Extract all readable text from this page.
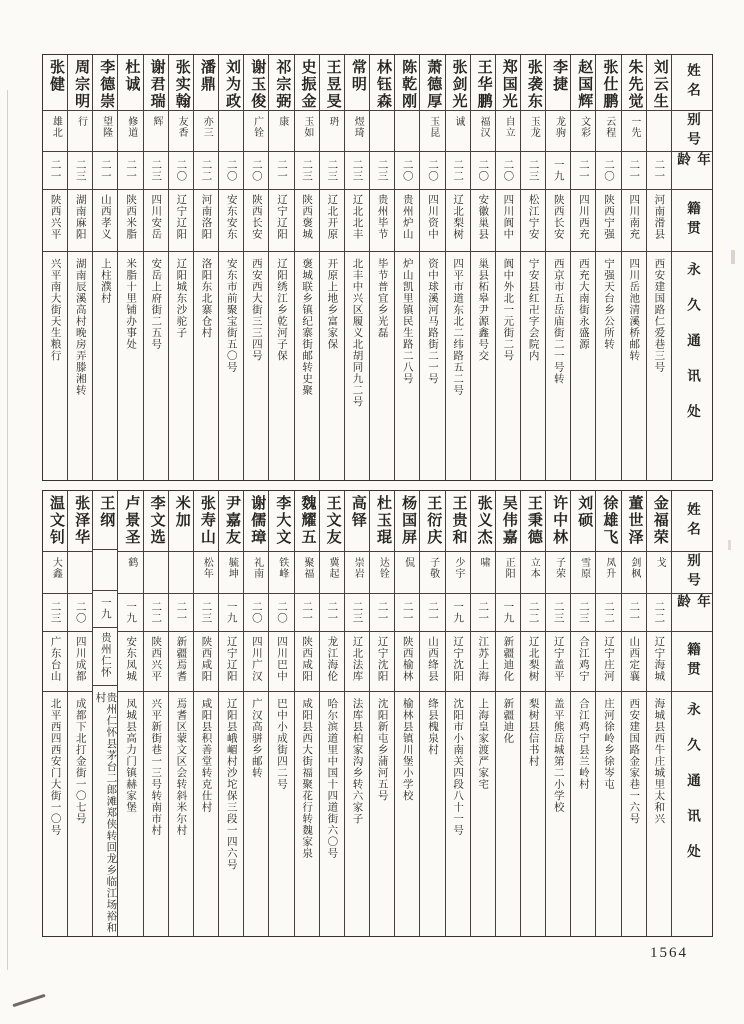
张健
雄北
二一
陕西兴平
兴平南大街天生粮行
周宗明
行
二三
湖南麻阳
湖南辰溪高村晚房弄滕湘转
李德崇
望隆
二一
山西孝义
上柱濮村
杜诚
修道
二一
陕西米脂
米脂十里铺办事处
谢君瑞
辉
二三
四川安岳
安岳上府街二五号
张实翰
友香
二〇
辽宁辽阳
辽阳城东沙驼子
潘鼎
亦三
二二
河南洛阳
洛阳东北寨仓村
刘为政
二〇
安东安东
安东市前聚宝街五〇号
谢玉俊
广铨
二〇
陕西长安
西安西大街三三四号
祁宗弼
康
二一
辽宁辽阳
辽阳绣江乡乾河子保
史振金
玉如
二三
陕西褒城
褒城联乡镇纪寨街邮转史聚
王昱旻
玬
二三
辽北开原
开原上地乡富家保
常明
煜琦
二三
辽北北丰
北丰中兴区履义北胡同九二号
林钰森
二三
贵州毕节
毕节普宜乡光磊
陈乾刚
二〇
贵州炉山
炉山凯里镇民生路二八号
萧德厚
玉昆
二〇
四川资中
资中球溪河马路街二一号
张剑光
诚
二二
辽北梨树
四平市道东北二纬路五二号
王华鹏
福汉
二〇
安徽巢县
巢县柘皋尹源鑫号交
郑国光
自立
二〇
四川阆中
阆中外北一元街二号
张袭东
玉龙
二三
松江宁安
宁安县红卍字会院内
李捷
龙驹
一九
陕西长安
西京市五岳庙街二一号转
赵国辉
文彩
二一
四川西充
西充大南街永盛源
张仕鹏
云程
二〇
陕西宁强
宁强天台乡公所转
朱先觉
一先
二一
四川南充
四川岳池清溪桥邮转
刘云生
二一
河南滑县
西安建国路仁爱巷三号
姓名
别号
年龄
籍贯
永久通讯处
温文钊
大鑫
二三
广东台山
北平西四西安门大街一〇号
张泽华
二〇
四川成都
成都下北打金街一〇七号
王纲
一九
贵州仁怀
贵州仁怀县茅台二郎滩郑侠转回龙乡临江场裕和村
卢景圣
鹤
一九
安东凤城
凤城县高力门镇赫家堡
李文选
二二
陕西兴平
兴平新街巷一三号转南市村
米加
二一
新疆焉耆
焉耆区蒙文区会转斜米尔村
张寿山
松年
二三
陕西咸阳
咸阳县积善堂转克仕村
尹嘉友
毓坤
一九
辽宁辽阳
辽阳县峨嵋村沙坨保三段一四六号
谢儒璋
礼南
二〇
四川广汉
广汉高骈乡邮转
李大文
铁峰
二〇
四川巴中
巴中小成街四二号
魏耀五
聚福
二一
陕西咸阳
咸阳县西大街福聚花行转魏家泉
王文友
冀起
二一
龙江海伦
哈尔滨道里中国十四道街六〇号
高铎
崇岩
二三
辽北法库
法库县柏家沟乡转六家子
杜玉琨
达铨
二一
辽宁沈阳
沈阳新屯乡蒲河五号
杨国屏
侃
二一
陕西榆林
榆林县镇川堡小学校
王衍庆
子敬
二一
山西绛县
绛县槐泉村
王贵和
少宇
一九
辽宁沈阳
沈阳市小南关四段八十一号
张义杰
啸
二一
江苏上海
上海皇家渡严家宅
吴伟嘉
正阳
一九
新疆迪化
新疆迪化
王秉德
立本
二二
辽北梨树
梨树县信书村
许中林
子荣
二三
辽宁盖平
盖平熊岳城第二小学校
刘硕
雪原
二三
合江鸡宁
合江鸡宁县兰岭村
徐雄飞
凤升
二二
辽宁庄河
庄河徐岭乡徐岑屯
董世泽
剑枫
二一
山西定襄
西安建国路金家巷一六号
金福荣
戈
二二
辽宁海城
海城县西牛庄城里太和兴
姓名
别号
年龄
籍贯
永久通讯处
1564
